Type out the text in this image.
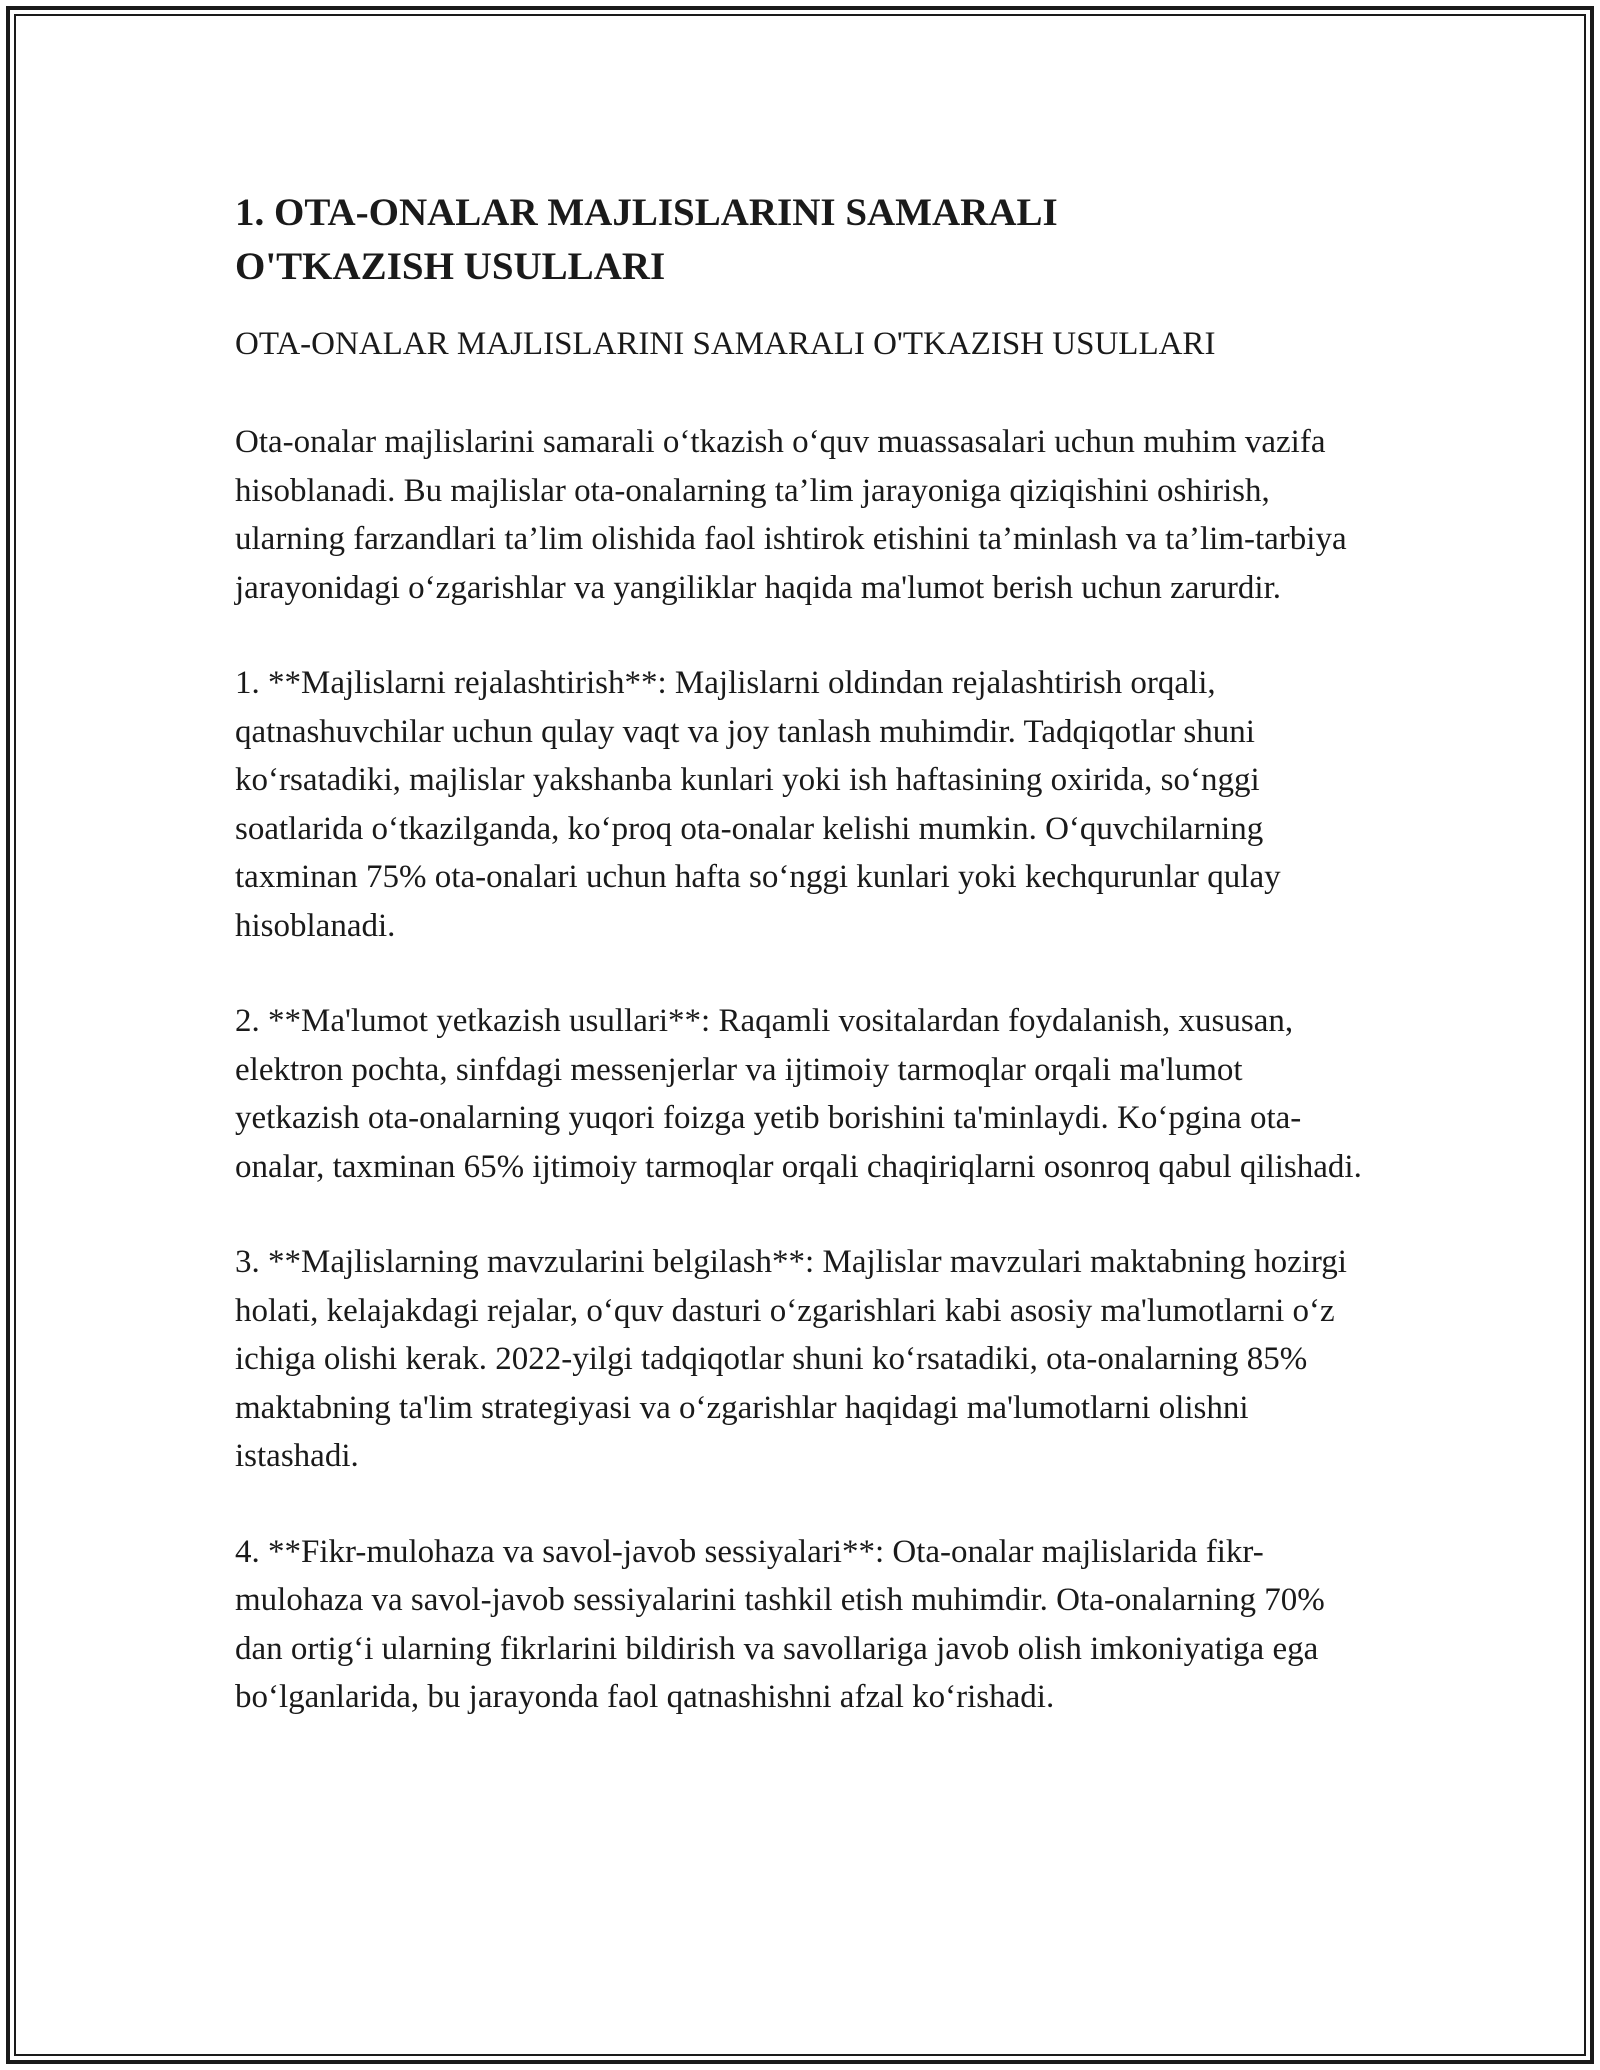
1. OTA-ONALAR MAJLISLARINI SAMARALI
O'TKAZISH USULLARI

OTA-ONALAR MAJLISLARINI SAMARALI O'TKAZISH USULLARI

Ota-onalar majlislarini samarali o‘tkazish o‘quv muassasalari uchun muhim vazifa hisoblanadi. Bu majlislar ota-onalarning ta’lim jarayoniga qiziqishini oshirish, ularning farzandlari ta’lim olishida faol ishtirok etishini ta’minlash va ta’lim-tarbiya jarayonidagi o‘zgarishlar va yangiliklar haqida ma'lumot berish uchun zarurdir.

1. **Majlislarni rejalashtirish**: Majlislarni oldindan rejalashtirish orqali, qatnashuvchilar uchun qulay vaqt va joy tanlash muhimdir. Tadqiqotlar shuni ko‘rsatadiki, majlislar yakshanba kunlari yoki ish haftasining oxirida, so‘nggi soatlarida o‘tkazilganda, ko‘proq ota-onalar kelishi mumkin. O‘quvchilarning taxminan 75% ota-onalari uchun hafta so‘nggi kunlari yoki kechqurunlar qulay hisoblanadi.

2. **Ma'lumot yetkazish usullari**: Raqamli vositalardan foydalanish, xususan, elektron pochta, sinfdagi messenjerlar va ijtimoiy tarmoqlar orqali ma'lumot yetkazish ota-onalarning yuqori foizga yetib borishini ta'minlaydi. Ko‘pgina ota-onalar, taxminan 65% ijtimoiy tarmoqlar orqali chaqiriqlarni osonroq qabul qilishadi.

3. **Majlislarning mavzularini belgilash**: Majlislar mavzulari maktabning hozirgi holati, kelajakdagi rejalar, o‘quv dasturi o‘zgarishlari kabi asosiy ma'lumotlarni o‘z ichiga olishi kerak. 2022-yilgi tadqiqotlar shuni ko‘rsatadiki, ota-onalarning 85% maktabning ta'lim strategiyasi va o‘zgarishlar haqidagi ma'lumotlarni olishni istashadi.

4. **Fikr-mulohaza va savol-javob sessiyalari**: Ota-onalar majlislarida fikr-mulohaza va savol-javob sessiyalarini tashkil etish muhimdir. Ota-onalarning 70% dan ortig‘i ularning fikrlarini bildirish va savollariga javob olish imkoniyatiga ega bo‘lganlarida, bu jarayonda faol qatnashishni afzal ko‘rishadi.
